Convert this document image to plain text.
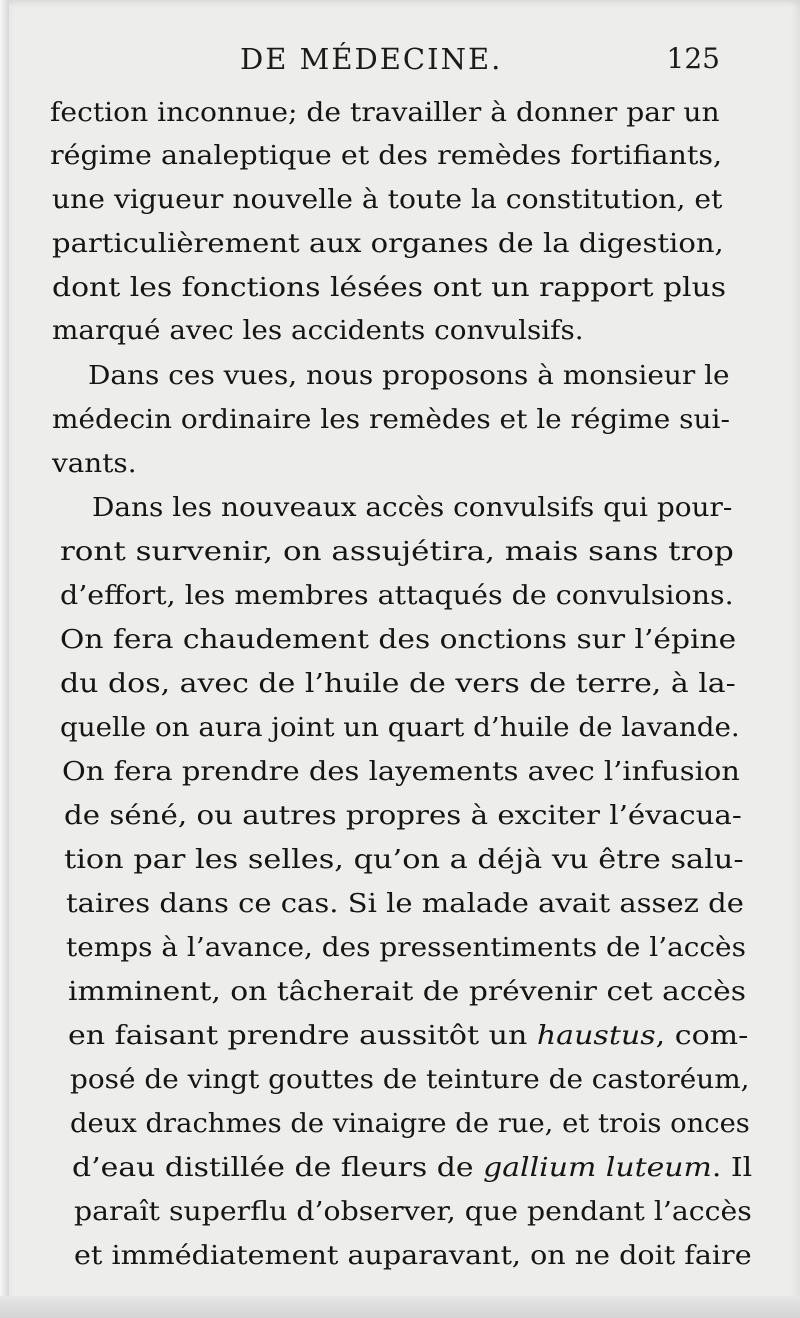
DE MÉDECINE.	125
fection inconnue; de travailler à donner par un
régime analeptique et des remèdes fortifiants,
une vigueur nouvelle à toute la constitution, et
particulièrement aux organes de la digestion,
dont les fonctions lésées ont un rapport plus
marqué avec les accidents convulsifs.
Dans ces vues, nous proposons à monsieur le
médecin ordinaire les remèdes et le régime sui-
vants.
Dans les nouveaux accès convulsifs qui pour-
ront survenir, on assujétira, mais sans trop
d’effort, les membres attaqués de convulsions.
On fera chaudement des onctions sur l’épine
du dos, avec de l’huile de vers de terre, à la-
quelle on aura joint un quart d’huile de lavande.
On fera prendre des layements avec l’infusion
de séné, ou autres propres à exciter l’évacua-
tion par les selles, qu’on a déjà vu être salu-
taires dans ce cas. Si le malade avait assez de
temps à l’avance, des pressentiments de l’accès
imminent, on tâcherait de prévenir cet accès
en faisant prendre aussitôt un haustus, com-
posé de vingt gouttes de teinture de castoréum,
deux drachmes de vinaigre de rue, et trois onces
d’eau distillée de fleurs de gallium luteum. Il
paraît superflu d’observer, que pendant l’accès
et immédiatement auparavant, on ne doit faire
